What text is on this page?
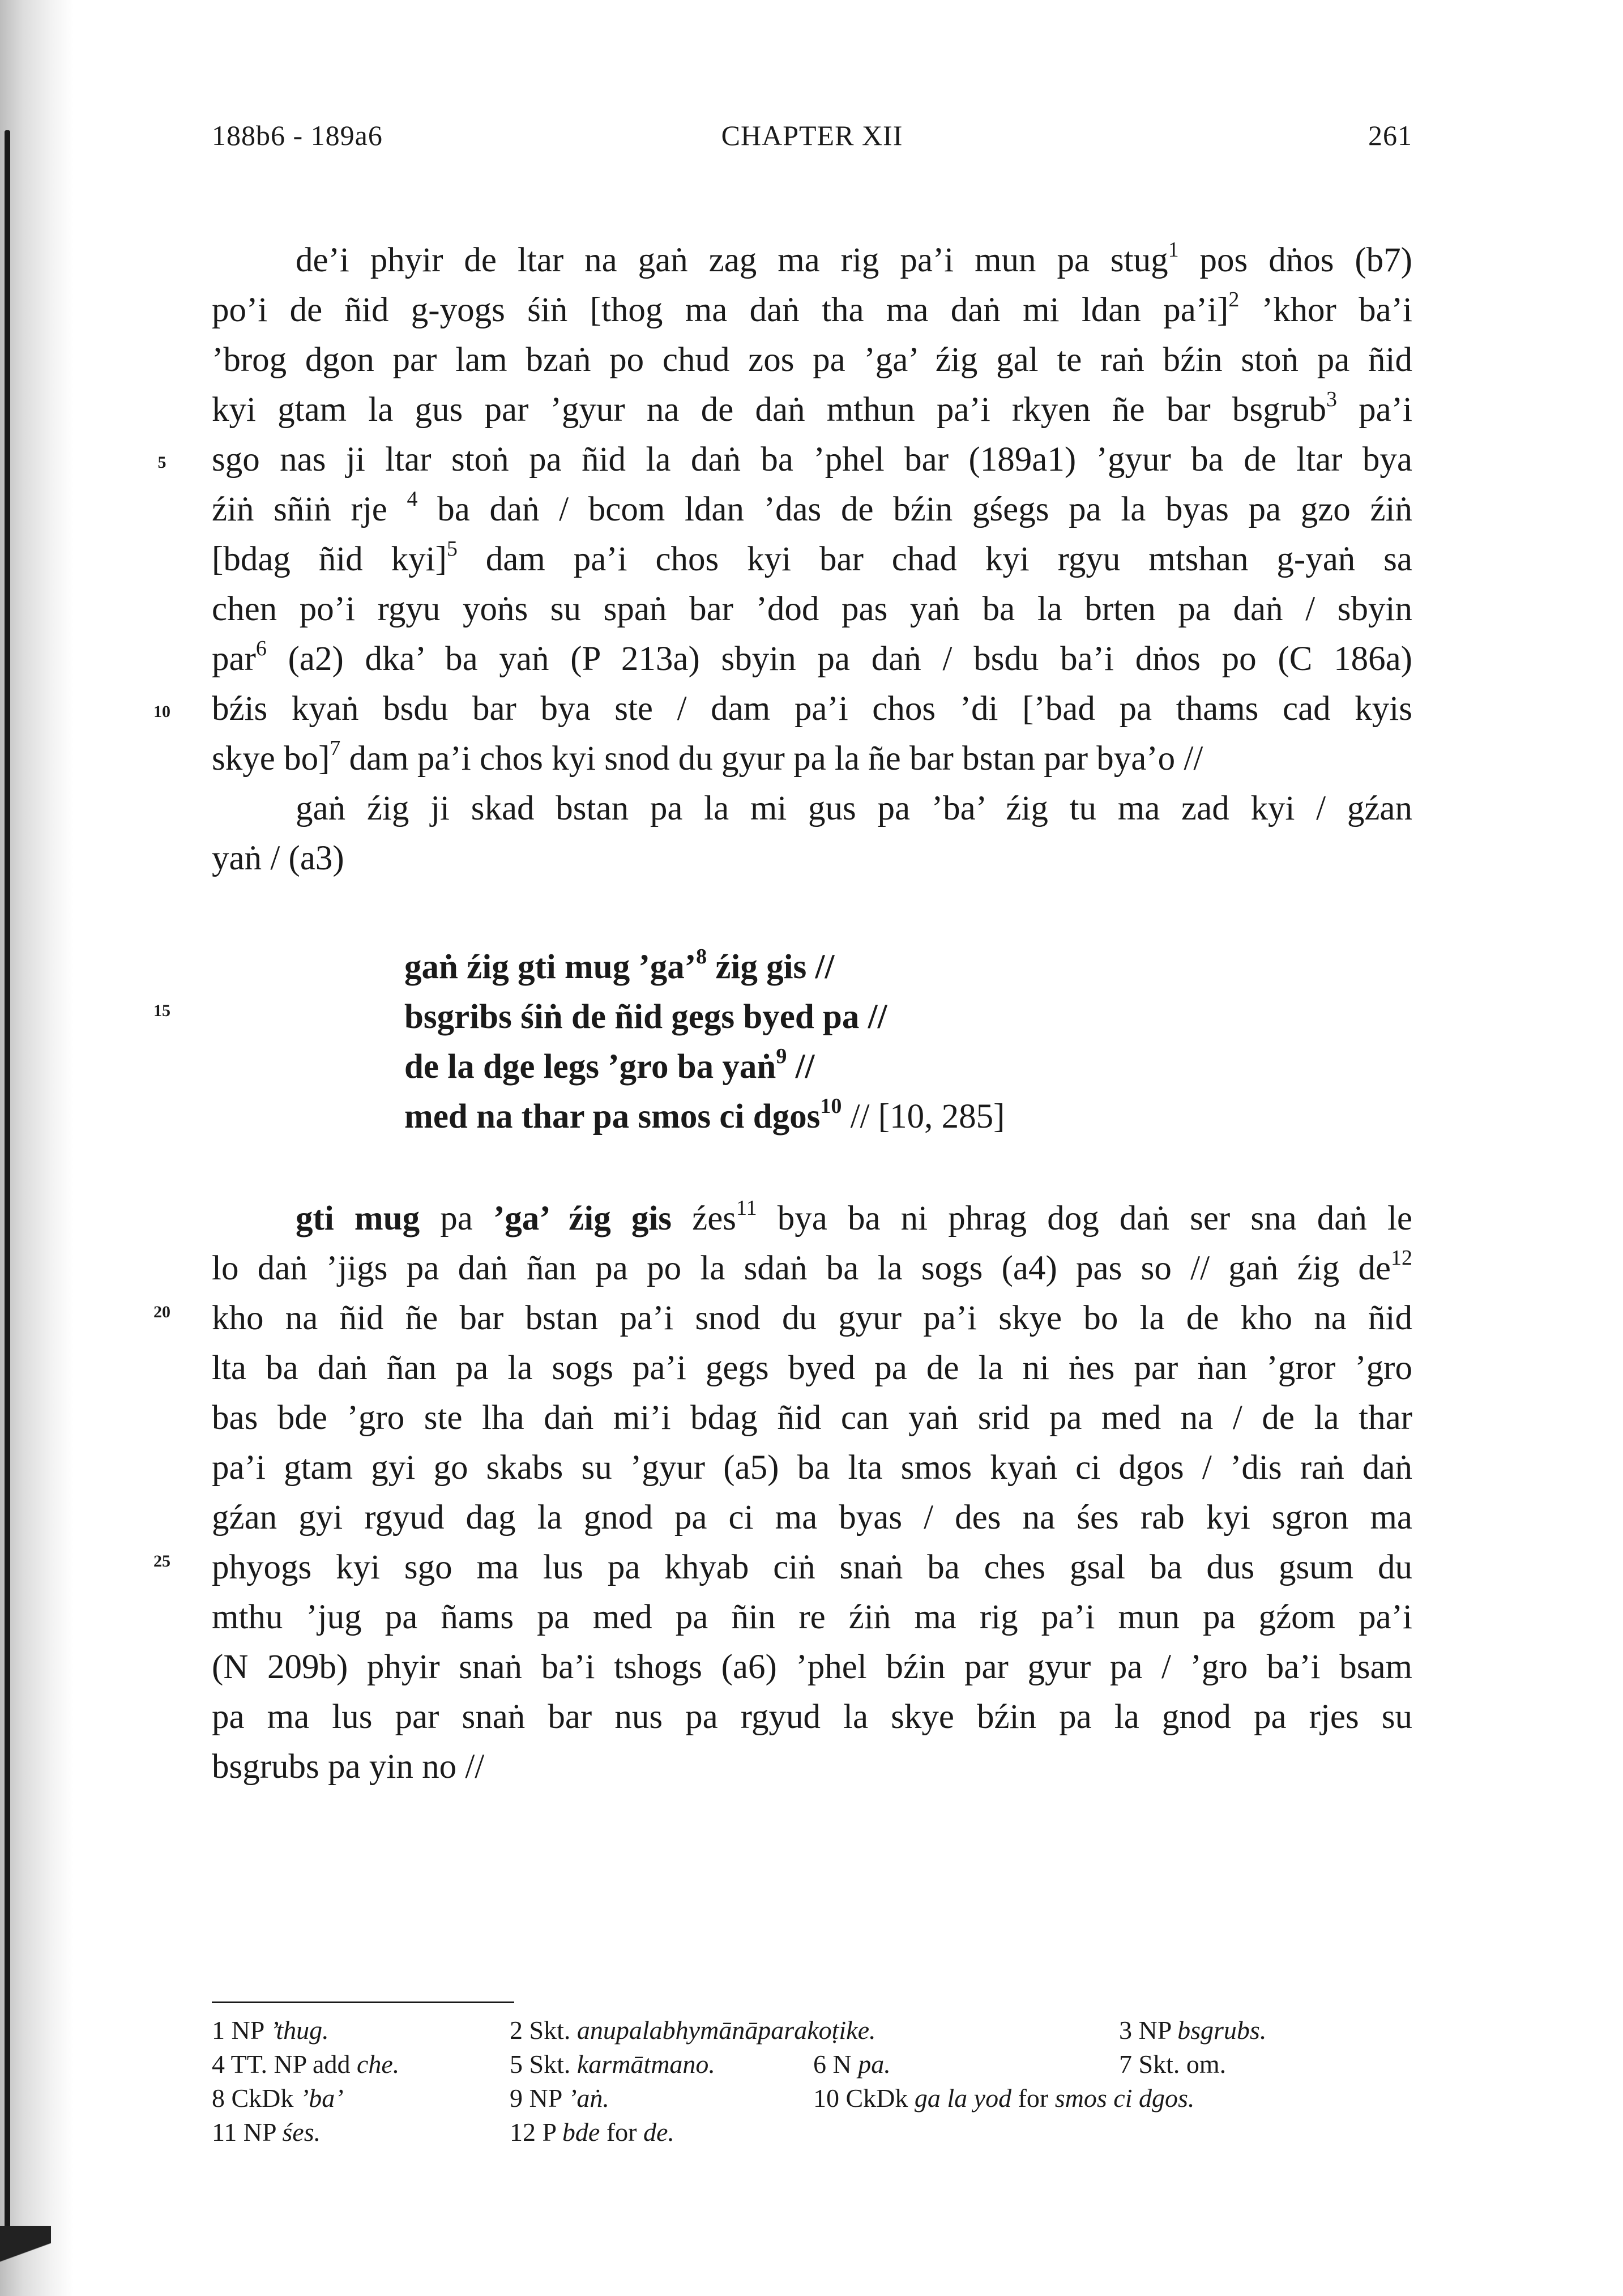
188b6 - 189a6	CHAPTER XII	261
5
10
15
20
25
de’i phyir de ltar na gaṅ zag ma rig pa’i mun pa stug$^1$ pos dṅos (b7)
po’i de ñid g-yogs śiṅ [thog ma daṅ tha ma daṅ mi ldan pa’i]$^2$ ’khor ba’i
’brog dgon par lam bzaṅ po chud zos pa ’ga’ źig gal te raṅ bźin stoṅ pa ñid
kyi gtam la gus par ’gyur na de daṅ mthun pa’i rkyen ñe bar bsgrub$^3$ pa’i
sgo nas ji ltar stoṅ pa ñid la daṅ ba ’phel bar (189a1) ’gyur ba de ltar bya
źiṅ sñiṅ rje $^4$ ba daṅ / bcom ldan ’das de bźin gśegs pa la byas pa gzo źiṅ
[bdag ñid kyi]$^5$ dam pa’i chos kyi bar chad kyi rgyu mtshan g-yaṅ sa
chen po’i rgyu yoṅs su spaṅ bar ’dod pas yaṅ ba la brten pa daṅ / sbyin
par$^6$ (a2) dka’ ba yaṅ (P 213a) sbyin pa daṅ / bsdu ba’i dṅos po (C 186a)
bźis kyaṅ bsdu bar bya ste / dam pa’i chos ’di [’bad pa thams cad kyis
skye bo]$^7$ dam pa’i chos kyi snod du gyur pa la ñe bar bstan par bya’o //
gaṅ źig ji skad bstan pa la mi gus pa ’ba’ źig tu ma zad kyi / gźan
yaṅ / (a3)
gaṅ źig gti mug ’ga’$^8$ źig gis //
bsgribs śiṅ de ñid gegs byed pa //
de la dge legs ’gro ba yaṅ$^9$ //
med na thar pa smos ci dgos$^{10}$ // [10, 285]
gti mug pa ’ga’ źig gis źes$^{11}$ bya ba ni phrag dog daṅ ser sna daṅ le
lo daṅ ’jigs pa daṅ ñan pa po la sdaṅ ba la sogs (a4) pas so // gaṅ źig $de^{12}$
kho na ñid ñe bar bstan pa’i snod du gyur pa’i skye bo la de kho na ñid
lta ba daṅ ñan pa la sogs pa’i gegs byed pa de la ni ṅes par ṅan ’gror ’gro
bas bde ’gro ste lha daṅ mi’i bdag ñid can yaṅ srid pa med na / de la thar
pa’i gtam gyi go skabs su ’gyur (a5) ba lta smos kyaṅ ci dgos / ’dis raṅ daṅ
gźan gyi rgyud dag la gnod pa ci ma byas / des na śes rab kyi sgron ma
phyogs kyi sgo ma lus pa khyab ciṅ snaṅ ba ches gsal ba dus gsum du
mthu ’jug pa ñams pa med pa ñin re źiṅ ma rig pa’i mun pa gźom pa’i
(N 209b) phyir snaṅ ba’i tshogs (a6) ’phel bźin par gyur pa / ’gro ba’i bsam
pa ma lus par snaṅ bar nus pa rgyud la skye bźin pa la gnod pa rjes su
bsgrubs pa yin no //
1 NP ’thug.	2 Skt. anupalabhymānāparakoṭike.	3 NP bsgrubs.
4 TT. NP add che.	5 Skt. karmātmano.	6 N pa.	7 Skt. om.
8 CkDk ’ba’	9 NP ’aṅ.	10 CkDk ga la yod for smos ci dgos.
11 NP śes.	12 P bde for de.
